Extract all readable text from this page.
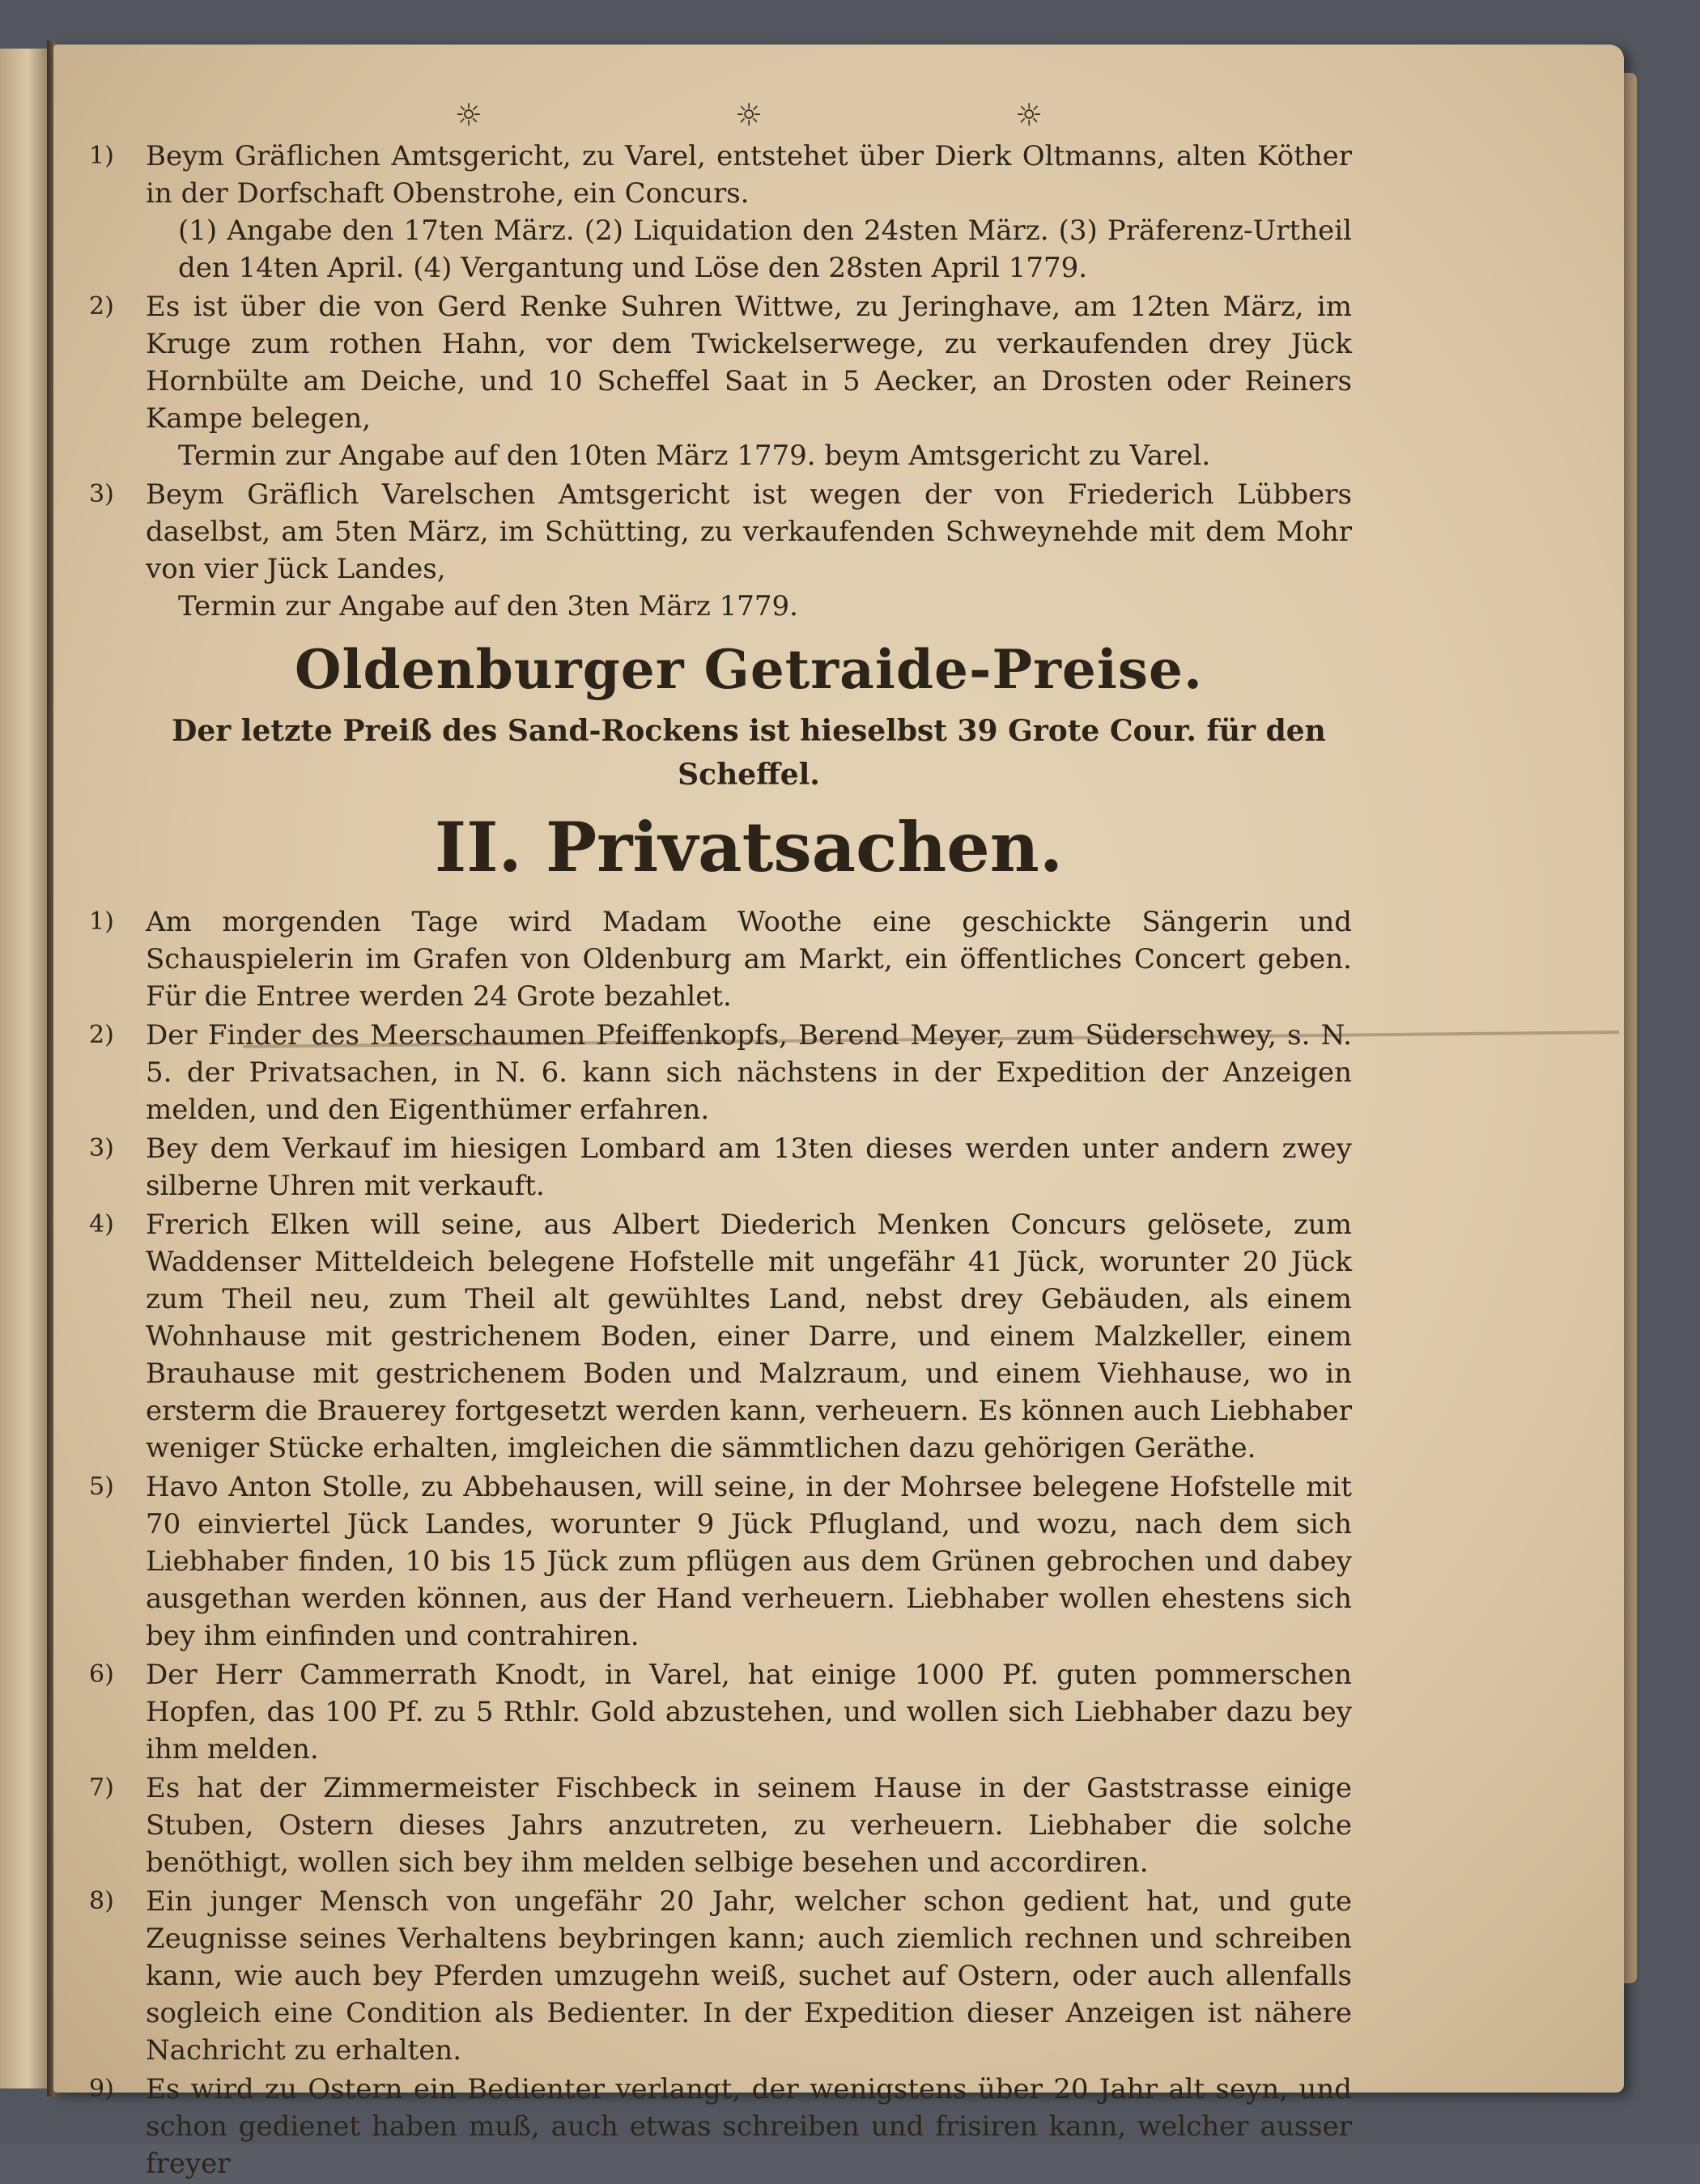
☼ ☼ ☼
1) Beym Gräflichen Amtsgericht, zu Varel, entstehet über Dierk Oltmanns, alten Köther in der Dorfschaft Obenstrohe, ein Concurs.
(1) Angabe den 17ten März. (2) Liquidation den 24sten März. (3) Präferenz-Urtheil den 14ten April. (4) Vergantung und Löse den 28sten April 1779.
2) Es ist über die von Gerd Renke Suhren Wittwe, zu Jeringhave, am 12ten März, im Kruge zum rothen Hahn, vor dem Twickelserwege, zu verkaufenden drey Jück Hornbülte am Deiche, und 10 Scheffel Saat in 5 Aecker, an Drosten oder Reiners Kampe belegen,
Termin zur Angabe auf den 10ten März 1779. beym Amtsgericht zu Varel.
3) Beym Gräflich Varelschen Amtsgericht ist wegen der von Friederich Lübbers daselbst, am 5ten März, im Schütting, zu verkaufenden Schweynehde mit dem Mohr von vier Jück Landes,
Termin zur Angabe auf den 3ten März 1779.
Oldenburger Getraide-Preise.
Der letzte Preiß des Sand-Rockens ist hieselbst 39 Grote Cour. für den Scheffel.
II. Privatsachen.
1) Am morgenden Tage wird Madam Woothe eine geschickte Sängerin und Schauspielerin im Grafen von Oldenburg am Markt, ein öffentliches Concert geben. Für die Entree werden 24 Grote bezahlet.
2) Der Finder des Meerschaumen Pfeiffenkopfs, Berend Meyer, zum Süderschwey, s. N. 5. der Privatsachen, in N. 6. kann sich nächstens in der Expedition der Anzeigen melden, und den Eigenthümer erfahren.
3) Bey dem Verkauf im hiesigen Lombard am 13ten dieses werden unter andern zwey silberne Uhren mit verkauft.
4) Frerich Elken will seine, aus Albert Diederich Menken Concurs gelösete, zum Waddenser Mitteldeich belegene Hofstelle mit ungefähr 41 Jück, worunter 20 Jück zum Theil neu, zum Theil alt gewühltes Land, nebst drey Gebäuden, als einem Wohnhause mit gestrichenem Boden, einer Darre, und einem Malzkeller, einem Brauhause mit gestrichenem Boden und Malzraum, und einem Viehhause, wo in ersterm die Brauerey fortgesetzt werden kann, verheuern. Es können auch Liebhaber weniger Stücke erhalten, imgleichen die sämmtlichen dazu gehörigen Geräthe.
5) Havo Anton Stolle, zu Abbehausen, will seine, in der Mohrsee belegene Hofstelle mit 70 einviertel Jück Landes, worunter 9 Jück Pflugland, und wozu, nach dem sich Liebhaber finden, 10 bis 15 Jück zum pflügen aus dem Grünen gebrochen und dabey ausgethan werden können, aus der Hand verheuern. Liebhaber wollen ehestens sich bey ihm einfinden und contrahiren.
6) Der Herr Cammerrath Knodt, in Varel, hat einige 1000 Pf. guten pommerschen Hopfen, das 100 Pf. zu 5 Rthlr. Gold abzustehen, und wollen sich Liebhaber dazu bey ihm melden.
7) Es hat der Zimmermeister Fischbeck in seinem Hause in der Gaststrasse einige Stuben, Ostern dieses Jahrs anzutreten, zu verheuern. Liebhaber die solche benöthigt, wollen sich bey ihm melden selbige besehen und accordiren.
8) Ein junger Mensch von ungefähr 20 Jahr, welcher schon gedient hat, und gute Zeugnisse seines Verhaltens beybringen kann; auch ziemlich rechnen und schreiben kann, wie auch bey Pferden umzugehn weiß, suchet auf Ostern, oder auch allenfalls sogleich eine Condition als Bedienter. In der Expedition dieser Anzeigen ist nähere Nachricht zu erhalten.
9) Es wird zu Ostern ein Bedienter verlangt, der wenigstens über 20 Jahr alt seyn, und schon gedienet haben muß, auch etwas schreiben und frisiren kann, welcher ausser freyer
